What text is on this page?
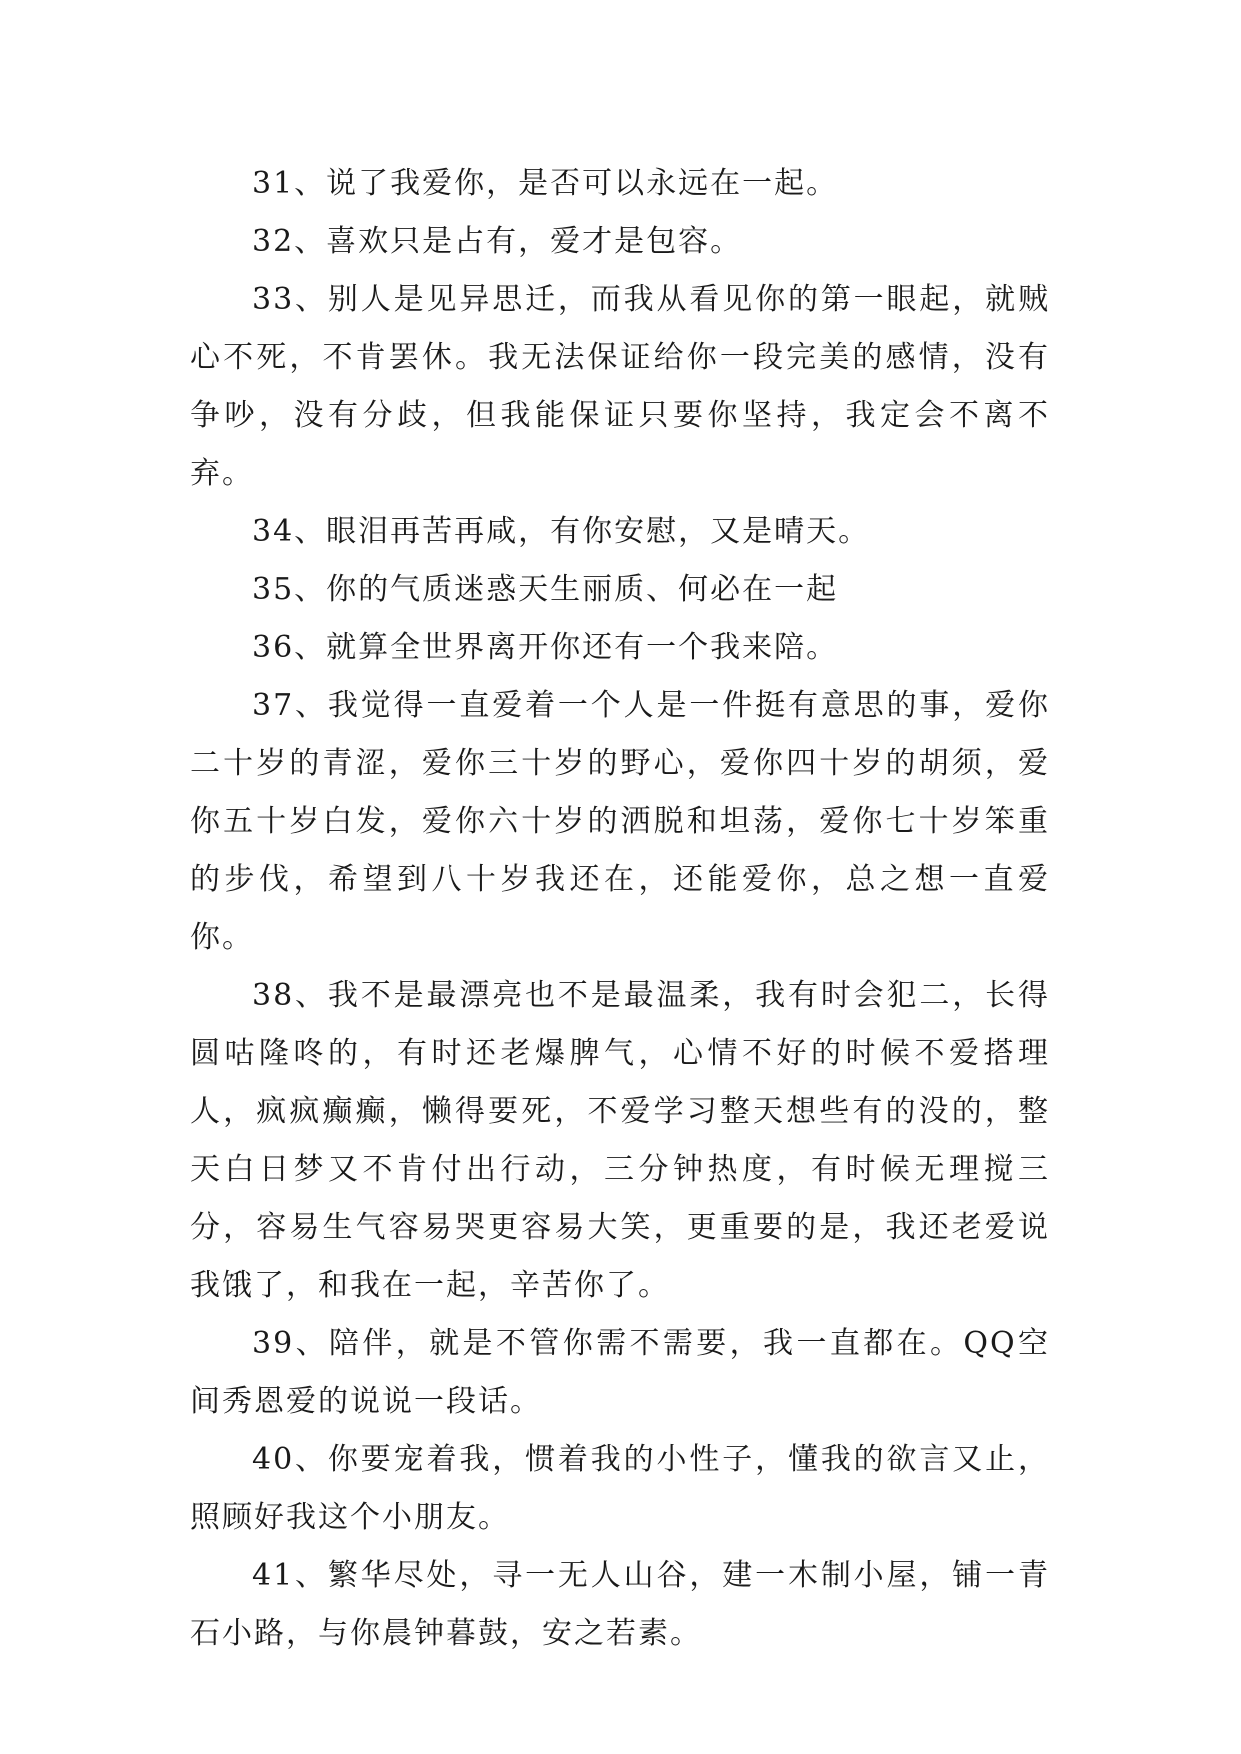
31、说了我爱你，是否可以永远在一起。

32、喜欢只是占有，爱才是包容。

33、别人是见异思迁，而我从看见你的第一眼起，就贼心不死，不肯罢休。我无法保证给你一段完美的感情，没有争吵，没有分歧，但我能保证只要你坚持，我定会不离不弃。

34、眼泪再苦再咸，有你安慰，又是晴天。

35、你的气质迷惑天生丽质、何必在一起

36、就算全世界离开你还有一个我来陪。

37、我觉得一直爱着一个人是一件挺有意思的事，爱你二十岁的青涩，爱你三十岁的野心，爱你四十岁的胡须，爱你五十岁白发，爱你六十岁的洒脱和坦荡，爱你七十岁笨重的步伐，希望到八十岁我还在，还能爱你，总之想一直爱你。

38、我不是最漂亮也不是最温柔，我有时会犯二，长得圆咕隆咚的，有时还老爆脾气，心情不好的时候不爱搭理人，疯疯癫癫，懒得要死，不爱学习整天想些有的没的，整天白日梦又不肯付出行动，三分钟热度，有时候无理搅三分，容易生气容易哭更容易大笑，更重要的是，我还老爱说我饿了，和我在一起，辛苦你了。

39、陪伴，就是不管你需不需要，我一直都在。QQ空间秀恩爱的说说一段话。

40、你要宠着我，惯着我的小性子，懂我的欲言又止，照顾好我这个小朋友。

41、繁华尽处，寻一无人山谷，建一木制小屋，铺一青石小路，与你晨钟暮鼓，安之若素。
